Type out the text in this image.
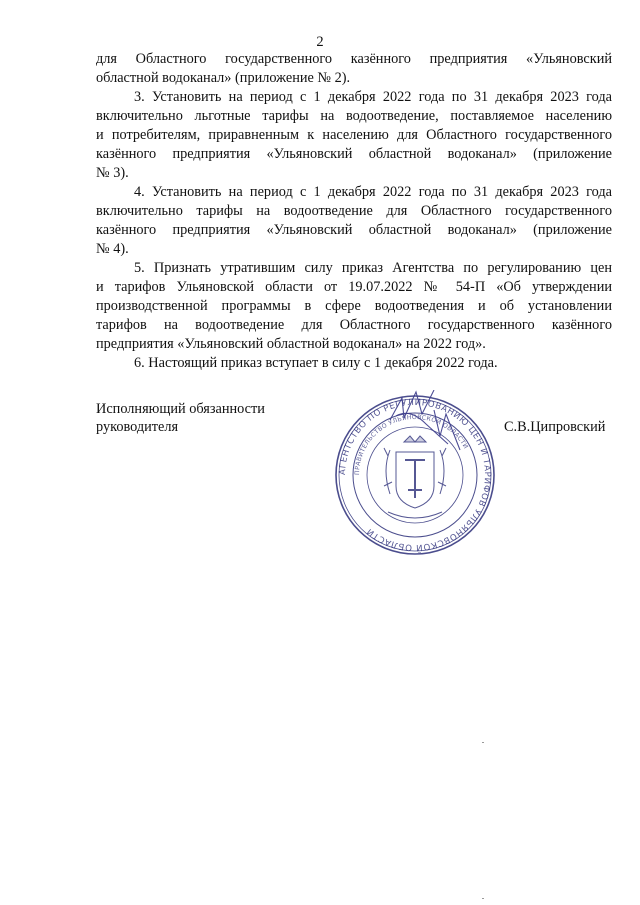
2
для Областного государственного казённого предприятия «Ульяновский
областной водоканал» (приложение № 2).
3. Установить на период с 1 декабря 2022 года по 31 декабря 2023 года
включительно льготные тарифы на водоотведение, поставляемое населению
и потребителям, приравненным к населению для Областного государственного
казённого предприятия «Ульяновский областной водоканал» (приложение
№ 3).
4. Установить на период с 1 декабря 2022 года по 31 декабря 2023 года
включительно тарифы на водоотведение для Областного государственного
казённого предприятия «Ульяновский областной водоканал» (приложение
№ 4).
5. Признать утратившим силу приказ Агентства по регулированию цен
и тарифов Ульяновской области от 19.07.2022 № 54-П «Об утверждении
производственной программы в сфере водоотведения и об установлении
тарифов на водоотведение для Областного государственного казённого
предприятия «Ульяновский областной водоканал» на 2022 год».
6. Настоящий приказ вступает в силу с 1 декабря 2022 года.
АГЕНТСТВО ПО РЕГУЛИРОВАНИЮ ЦЕН И ТАРИФОВ УЛЬЯНОВСКОЙ ОБЛАСТИ
ПРАВИТЕЛЬСТВО УЛЬЯНОВСКОЙ ОБЛАСТИ
Исполняющий обязанности
руководителя	С.В.Ципровский
